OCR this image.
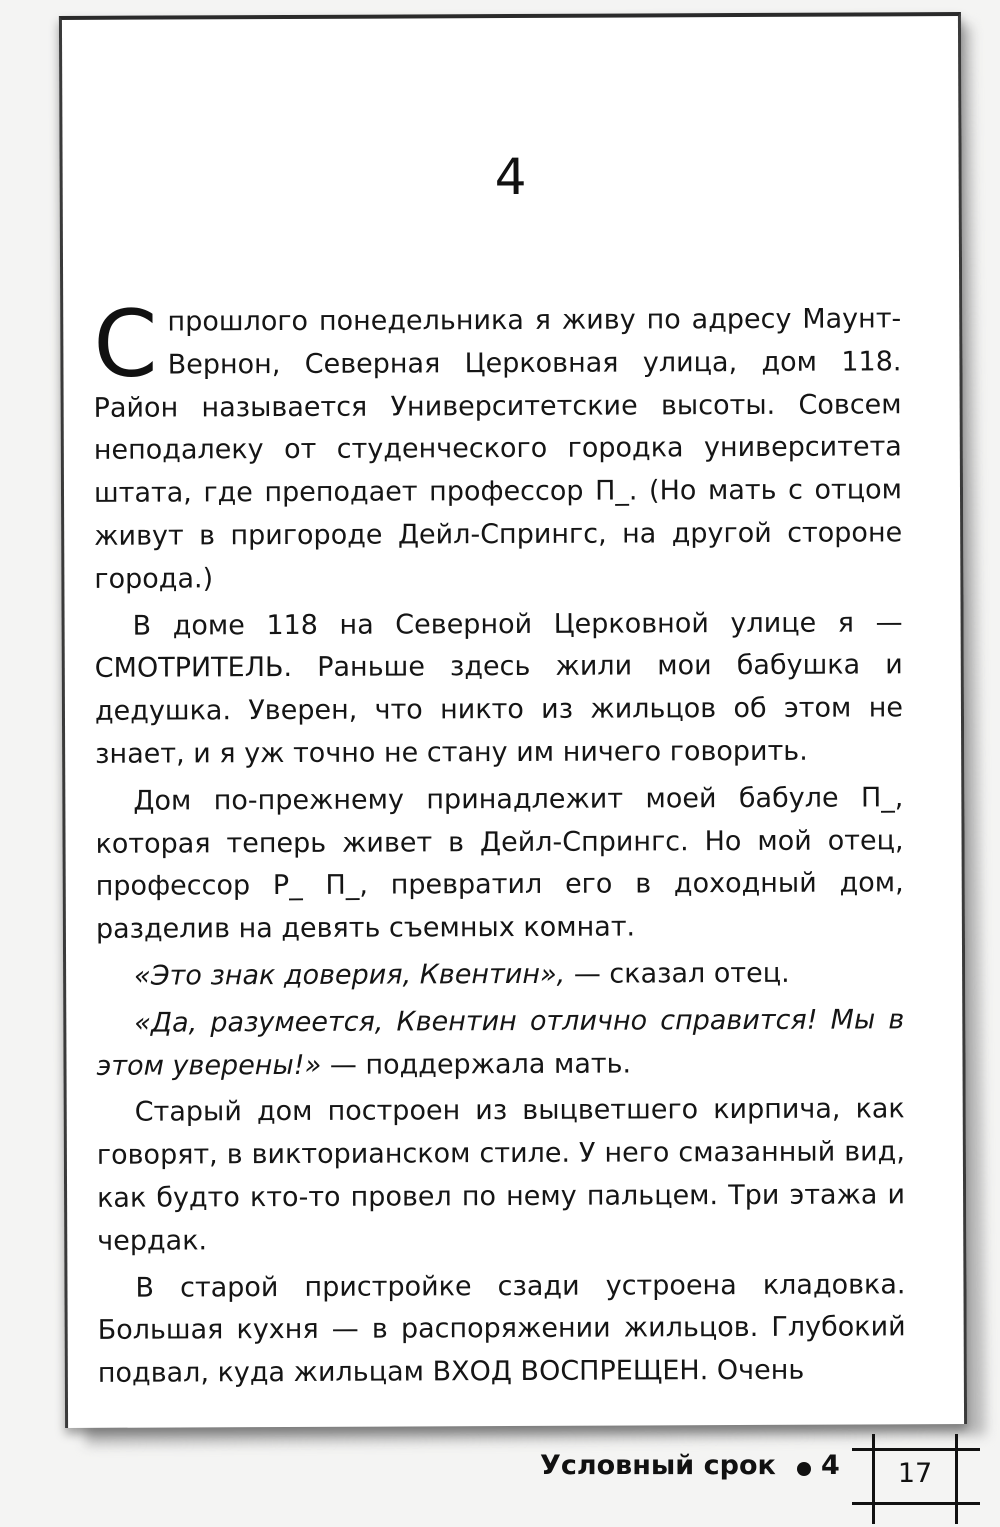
4

Спрошлого понедельника я живу по адресу Маунт-Вернон, Северная Церковная улица, дом 118. Район называется Университетские высоты. Совсем неподалеку от студенческого городка университета штата, где преподает профессор П_. (Но мать с отцом живут в пригороде Дейл-Спрингс, на другой стороне города.)

В доме 118 на Северной Церковной улице я — СМОТРИТЕЛЬ. Раньше здесь жили мои бабушка и дедушка. Уверен, что никто из жильцов об этом не знает, и я уж точно не стану им ничего говорить.

Дом по-прежнему принадлежит моей бабуле П_, которая теперь живет в Дейл-Спрингс. Но мой отец, профессор Р_ П_, превратил его в доходный дом, разделив на девять съемных комнат.

«Это знак доверия, Квентин», — сказал отец.

«Да, разумеется, Квентин отлично справится! Мы в этом уверены!» — поддержала мать.

Старый дом построен из выцветшего кирпича, как говорят, в викторианском стиле. У него смазанный вид, как будто кто-то провел по нему пальцем. Три этажа и чердак.

В старой пристройке сзади устроена кладовка. Большая кухня — в распоряжении жильцов. Глубокий подвал, куда жильцам ВХОД ВОСПРЕЩЕН. Очень

Условный срок 4	17
